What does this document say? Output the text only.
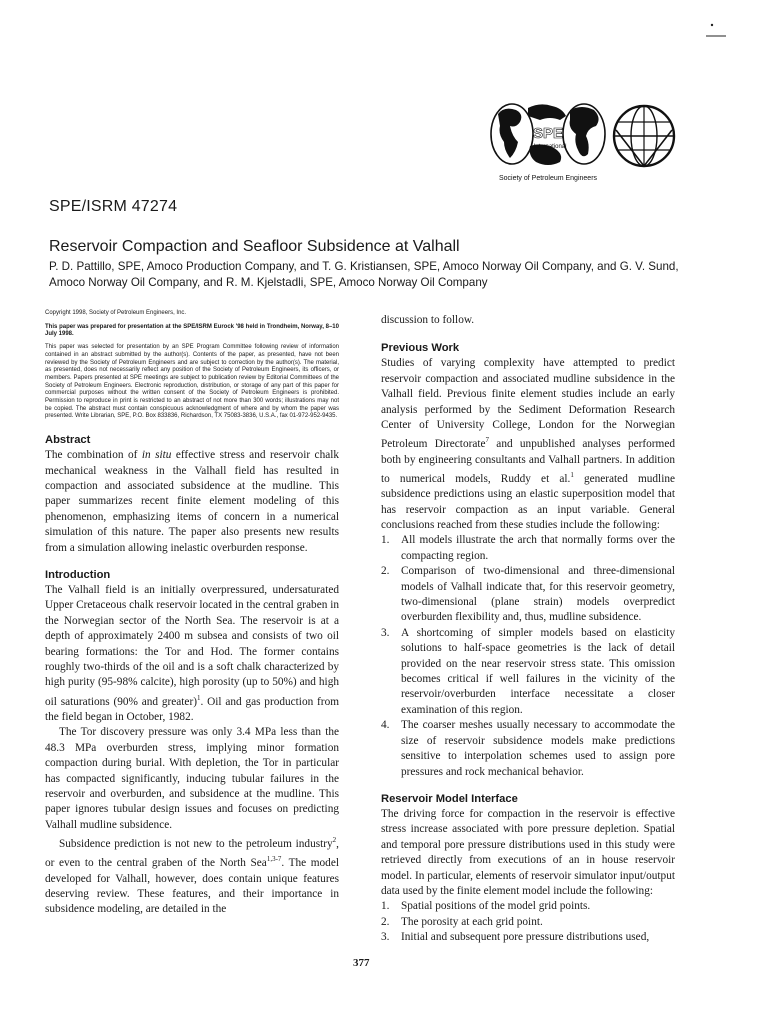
SPE
International
Society of Petroleum Engineers
SPE/ISRM 47274
Reservoir Compaction and Seafloor Subsidence at Valhall
P. D. Pattillo, SPE, Amoco Production Company, and T. G. Kristiansen, SPE, Amoco Norway Oil Company, and G. V. Sund, Amoco Norway Oil Company, and R. M. Kjelstadli, SPE, Amoco Norway Oil Company

Copyright 1998, Society of Petroleum Engineers, Inc.

This paper was prepared for presentation at the SPE/ISRM Eurock '98 held in Trondheim, Norway, 8–10 July 1998.

This paper was selected for presentation by an SPE Program Committee following review of information contained in an abstract submitted by the author(s). Contents of the paper, as presented, have not been reviewed by the Society of Petroleum Engineers and are subject to correction by the author(s). The material, as presented, does not necessarily reflect any position of the Society of Petroleum Engineers, its officers, or members. Papers presented at SPE meetings are subject to publication review by Editorial Committees of the Society of Petroleum Engineers. Electronic reproduction, distribution, or storage of any part of this paper for commercial purposes without the written consent of the Society of Petroleum Engineers is prohibited. Permission to reproduce in print is restricted to an abstract of not more than 300 words; illustrations may not be copied. The abstract must contain conspicuous acknowledgment of where and by whom the paper was presented. Write Librarian, SPE, P.O. Box 833836, Richardson, TX 75083-3836, U.S.A., fax 01-972-952-9435.

Abstract

The combination of in situ effective stress and reservoir chalk mechanical weakness in the Valhall field has resulted in compaction and associated subsidence at the mudline. This paper summarizes recent finite element modeling of this phenomenon, emphasizing items of concern in a numerical simulation of this nature. The paper also presents new results from a simulation allowing inelastic overburden response.

Introduction

The Valhall field is an initially overpressured, undersaturated Upper Cretaceous chalk reservoir located in the central graben in the Norwegian sector of the North Sea. The reservoir is at a depth of approximately 2400 m subsea and consists of two oil bearing formations: the Tor and Hod. The former contains roughly two-thirds of the oil and is a soft chalk characterized by high purity (95-98% calcite), high porosity (up to 50%) and high oil saturations (90% and greater)$^1$. Oil and gas production from the field began in October, 1982.

The Tor discovery pressure was only 3.4 MPa less than the 48.3 MPa overburden stress, implying minor formation compaction during burial. With depletion, the Tor in particular has compacted significantly, inducing tubular failures in the reservoir and overburden, and subsidence at the mudline. This paper ignores tubular design issues and focuses on predicting Valhall mudline subsidence.

Subsidence prediction is not new to the petroleum industry$^2$, or even to the central graben of the North Sea$^{1,3-7}$. The model developed for Valhall, however, does contain unique features deserving review. These features, and their importance in subsidence modeling, are detailed in the

discussion to follow.

Previous Work

Studies of varying complexity have attempted to predict reservoir compaction and associated mudline subsidence in the Valhall field. Previous finite element studies include an early analysis performed by the Sediment Deformation Research Center of University College, London for the Norwegian Petroleum Directorate$^7$ and unpublished analyses performed both by engineering consultants and Valhall partners. In addition to numerical models, Ruddy et al.$^1$ generated mudline subsidence predictions using an elastic superposition model that has reservoir compaction as an input variable. General conclusions reached from these studies include the following:

1. All models illustrate the arch that normally forms over the compacting region.
2. Comparison of two-dimensional and three-dimensional models of Valhall indicate that, for this reservoir geometry, two-dimensional (plane strain) models overpredict overburden flexibility and, thus, mudline subsidence.
3. A shortcoming of simpler models based on elasticity solutions to half-space geometries is the lack of detail provided on the near reservoir stress state. This omission becomes critical if well failures in the vicinity of the reservoir/overburden interface necessitate a closer examination of this region.
4. The coarser meshes usually necessary to accommodate the size of reservoir subsidence models make predictions sensitive to interpolation schemes used to assign pore pressures and rock mechanical behavior.
Reservoir Model Interface

The driving force for compaction in the reservoir is effective stress increase associated with pore pressure depletion. Spatial and temporal pore pressure distributions used in this study were retrieved directly from executions of an in house reservoir model. In particular, elements of reservoir simulator input/output data used by the finite element model include the following:

1. Spatial positions of the model grid points.
2. The porosity at each grid point.
3. Initial and subsequent pore pressure distributions used,
377
